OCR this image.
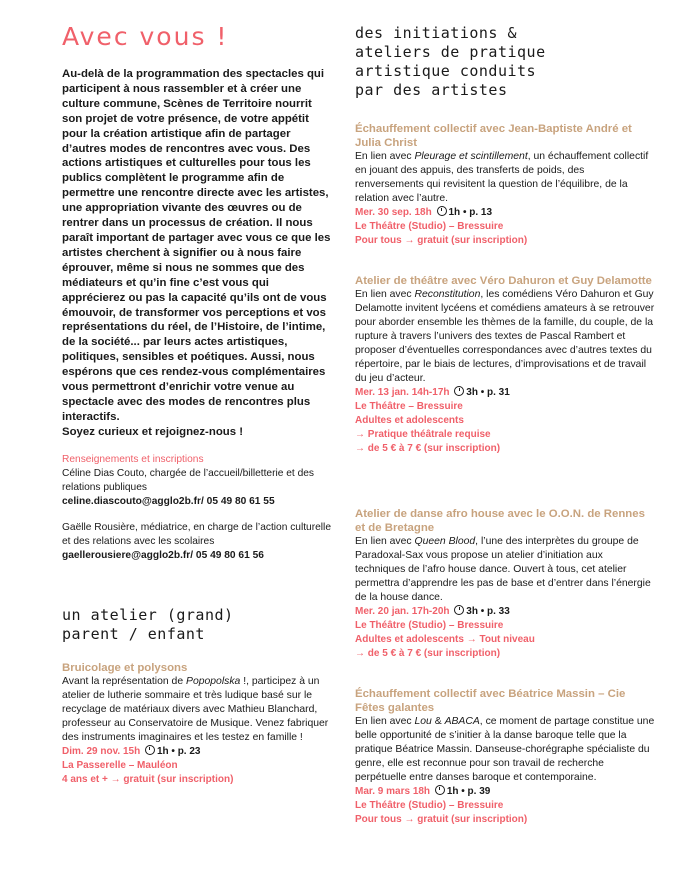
Avec vous !

Au-delà de la programmation des spectacles qui participent à nous rassembler et à créer une culture commune, Scènes de Territoire nourrit son projet de votre présence, de votre appétit pour la création artistique afin de partager d’autres modes de rencontres avec vous. Des actions artistiques et culturelles pour tous les publics complètent le programme afin de permettre une rencontre directe avec les artistes, une appropriation vivante des œuvres ou de rentrer dans un processus de création. Il nous paraît important de partager avec vous ce que les artistes cherchent à signifier ou à nous faire éprouver, même si nous ne sommes que des médiateurs et qu’in fine c’est vous qui apprécierez ou pas la capacité qu’ils ont de vous émouvoir, de transformer vos perceptions et vos représentations du réel, de l’Histoire, de l’intime, de la société... par leurs actes artistiques, politiques, sensibles et poétiques. Aussi, nous espérons que ces rendez-vous complémentaires vous permettront d’enrichir votre venue au spectacle avec des modes de rencontres plus interactifs.
Soyez curieux et rejoignez-nous !

Renseignements et inscriptions

Céline Dias Couto, chargée de l’accueil/billetterie et des relations publiques

celine.diascouto@agglo2b.fr/ 05 49 80 61 55

Gaëlle Rousière, médiatrice, en charge de l’action culturelle et des relations avec les scolaires

gaellerousiere@agglo2b.fr/ 05 49 80 61 56

un atelier (grand)
parent / enfant
Bruicolage et polysons

Avant la représentation de Popopolska !, participez à un atelier de lutherie sommaire et très ludique basé sur le recyclage de matériaux divers avec Mathieu Blanchard, professeur au Conservatoire de Musique. Venez fabriquer des instruments imaginaires et les testez en famille !

Dim. 29 nov. 15h 1h • p. 23

La Passerelle – Mauléon

4 ans et + → gratuit (sur inscription)

des initiations &
ateliers de pratique
artistique conduits
par des artistes
Échauffement collectif avec Jean-Baptiste André et Julia Christ

En lien avec Pleurage et scintillement, un échauffement collectif en jouant des appuis, des transferts de poids, des renversements qui revisitent la question de l’équilibre, de la relation avec l’autre.

Mer. 30 sep. 18h 1h • p. 13

Le Théâtre (Studio) – Bressuire

Pour tous → gratuit (sur inscription)

Atelier de théâtre avec Véro Dahuron et Guy Delamotte

En lien avec Reconstitution, les comédiens Véro Dahuron et Guy Delamotte invitent lycéens et comédiens amateurs à se retrouver pour aborder ensemble les thèmes de la famille, du couple, de la rupture à travers l’univers des textes de Pascal Rambert et proposer d’éventuelles correspondances avec d’autres textes du répertoire, par le biais de lectures, d’improvisations et de travail du jeu d’acteur.

Mer. 13 jan. 14h-17h 3h • p. 31

Le Théâtre – Bressuire

Adultes et adolescents

→ Pratique théâtrale requise

→ de 5 € à 7 € (sur inscription)

Atelier de danse afro house avec le O.O.N. de Rennes et de Bretagne

En lien avec Queen Blood, l’une des interprètes du groupe de Paradoxal-Sax vous propose un atelier d’initiation aux techniques de l’afro house dance. Ouvert à tous, cet atelier permettra d’apprendre les pas de base et d’entrer dans l’énergie de la house dance.

Mer. 20 jan. 17h-20h 3h • p. 33

Le Théâtre (Studio) – Bressuire

Adultes et adolescents → Tout niveau

→ de 5 € à 7 € (sur inscription)

Échauffement collectif avec Béatrice Massin – Cie Fêtes galantes

En lien avec Lou & ABACA, ce moment de partage constitue une belle opportunité de s’initier à la danse baroque telle que la pratique Béatrice Massin. Danseuse-chorégraphe spécialiste du genre, elle est reconnue pour son travail de recherche perpétuelle entre danses baroque et contemporaine.

Mar. 9 mars 18h 1h • p. 39

Le Théâtre (Studio) – Bressuire

Pour tous → gratuit (sur inscription)
